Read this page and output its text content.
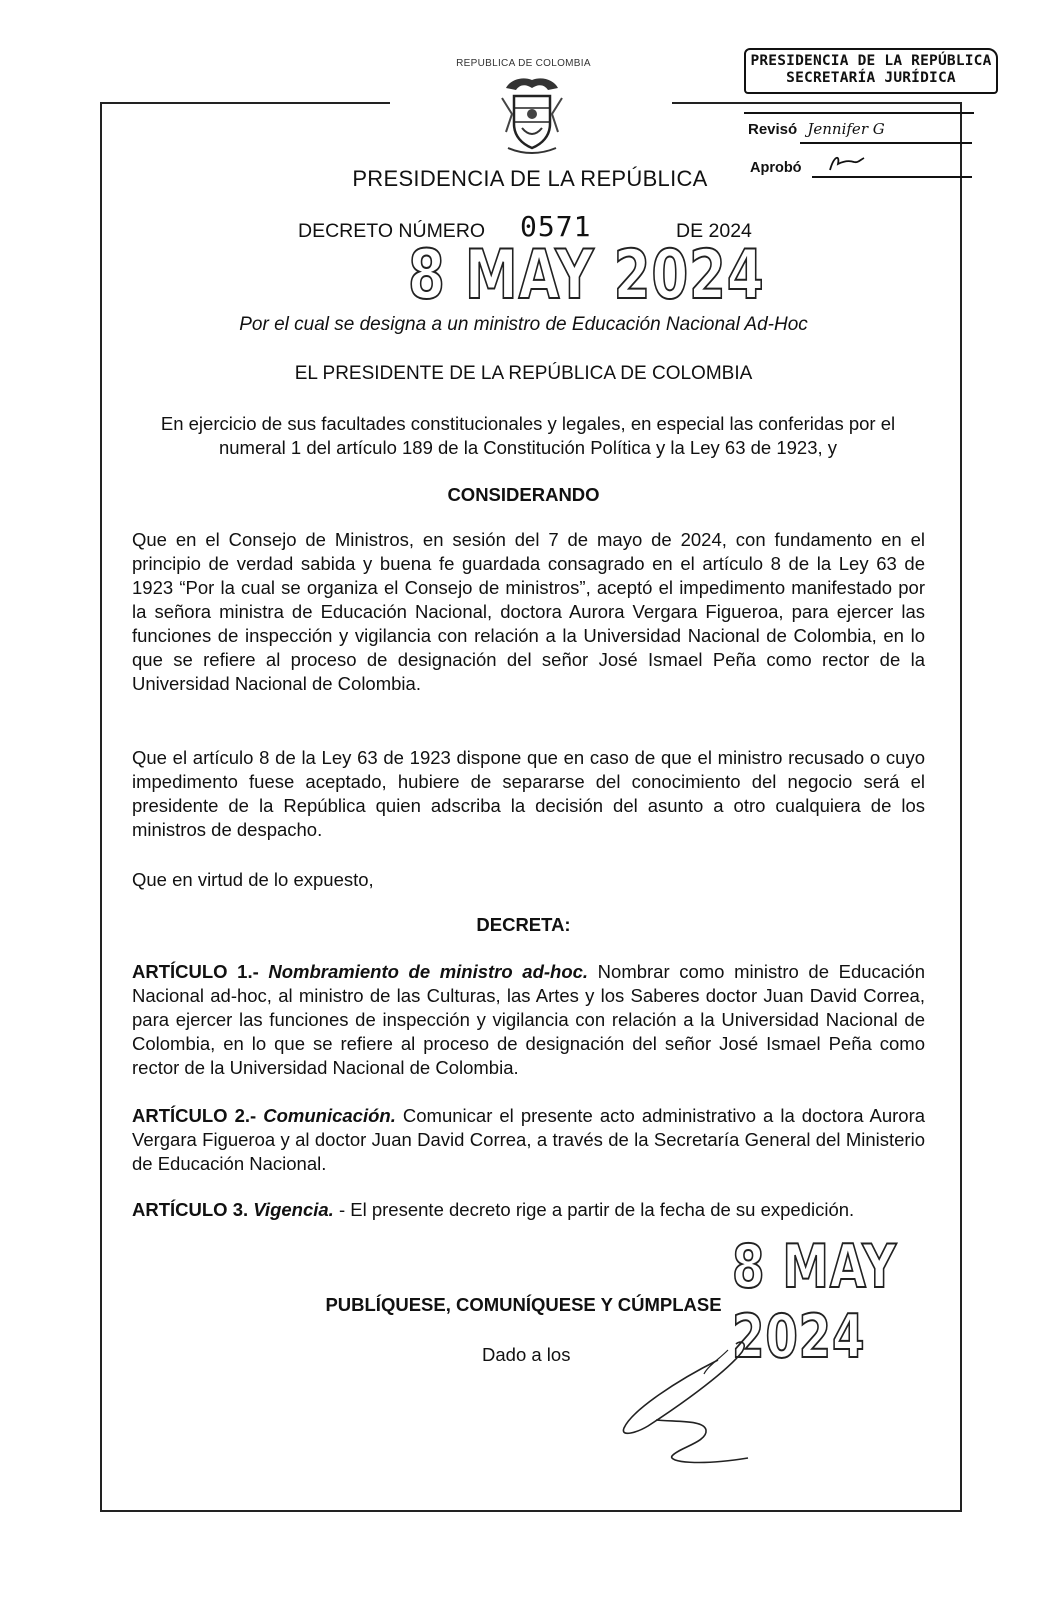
REPUBLICA DE COLOMBIA
PRESIDENCIA DE LA REPÚBLICA
PRESIDENCIA DE LA REPÚBLICA
SECRETARÍA JURÍDICA
Revisó Jennifer G
Aprobó
DECRETO NÚMERO 0571	DE 2024
8 MAY 2024
Por el cual se designa a un ministro de Educación Nacional Ad-Hoc
EL PRESIDENTE DE LA REPÚBLICA DE COLOMBIA
En ejercicio de sus facultades constitucionales y legales, en especial las conferidas por el numeral 1 del artículo 189 de la Constitución Política y la Ley 63 de 1923, y
CONSIDERANDO
Que en el Consejo de Ministros, en sesión del 7 de mayo de 2024, con fundamento en el principio de verdad sabida y buena fe guardada consagrado en el artículo 8 de la Ley 63 de 1923 “Por la cual se organiza el Consejo de ministros”, aceptó el impedimento manifestado por la señora ministra de Educación Nacional, doctora Aurora Vergara Figueroa, para ejercer las funciones de inspección y vigilancia con relación a la Universidad Nacional de Colombia, en lo que se refiere al proceso de designación del señor José Ismael Peña como rector de la Universidad Nacional de Colombia.
Que el artículo 8 de la Ley 63 de 1923 dispone que en caso de que el ministro recusado o cuyo impedimento fuese aceptado, hubiere de separarse del conocimiento del negocio será el presidente de la República quien adscriba la decisión del asunto a otro cualquiera de los ministros de despacho.
Que en virtud de lo expuesto,
DECRETA:
ARTÍCULO 1.- Nombramiento de ministro ad-hoc. Nombrar como ministro de Educación Nacional ad-hoc, al ministro de las Culturas, las Artes y los Saberes doctor Juan David Correa, para ejercer las funciones de inspección y vigilancia con relación a la Universidad Nacional de Colombia, en lo que se refiere al proceso de designación del señor José Ismael Peña como rector de la Universidad Nacional de Colombia.
ARTÍCULO 2.- Comunicación. Comunicar el presente acto administrativo a la doctora Aurora Vergara Figueroa y al doctor Juan David Correa, a través de la Secretaría General del Ministerio de Educación Nacional.
ARTÍCULO 3. Vigencia. - El presente decreto rige a partir de la fecha de su expedición.
8 MAY 2024
PUBLÍQUESE, COMUNÍQUESE Y CÚMPLASE
Dado a los
